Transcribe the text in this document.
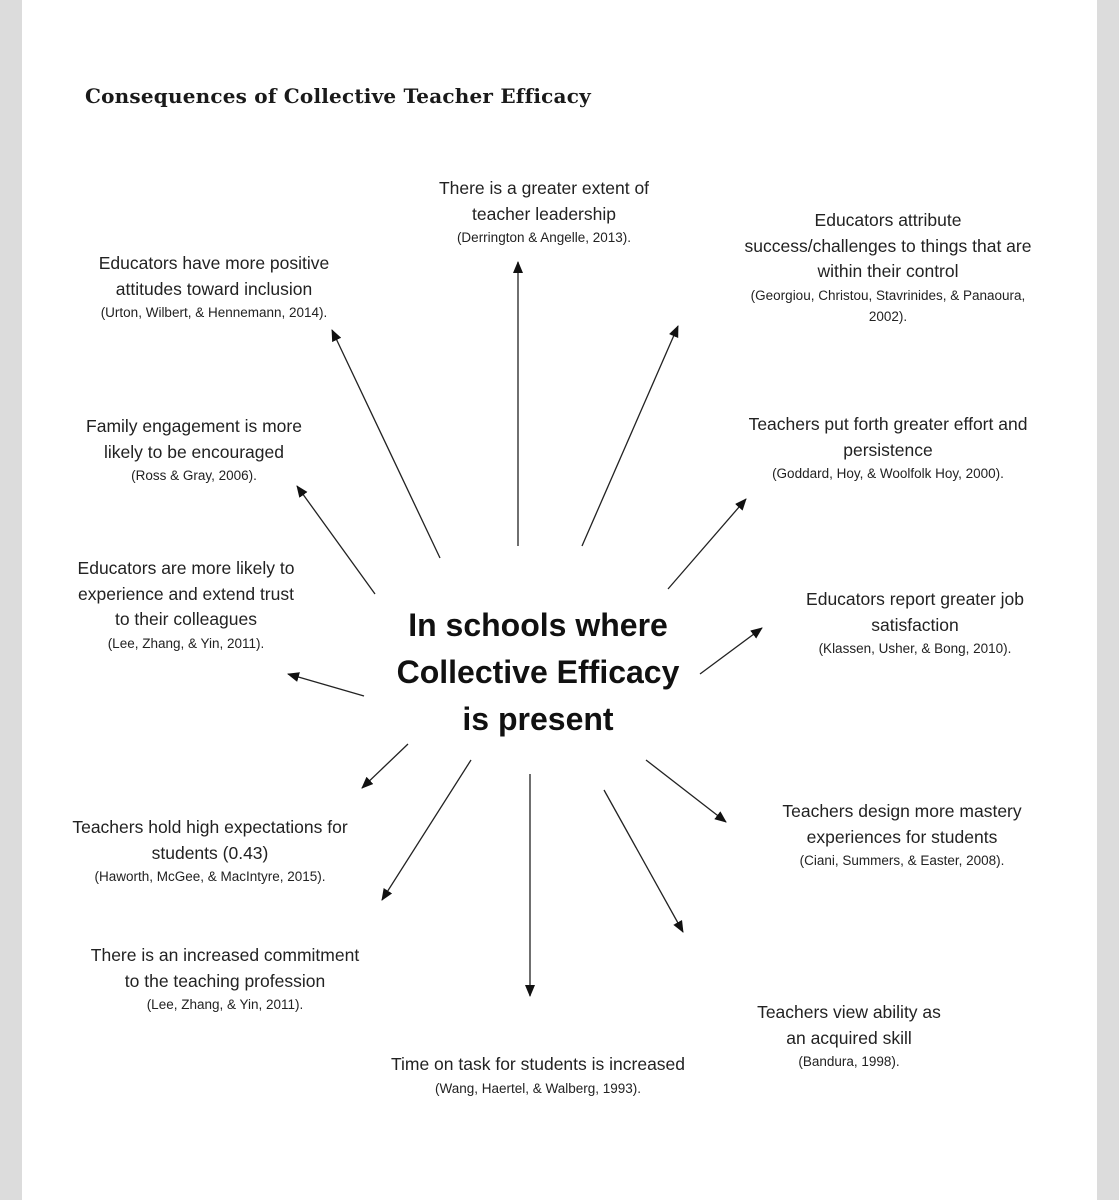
Consequences of Collective Teacher Efficacy
In schools where
Collective Efficacy
is present
There is a greater extent of
teacher leadership
(Derrington & Angelle, 2013).
Educators attribute
success/challenges to things that are
within their control
(Georgiou, Christou, Stavrinides, & Panaoura,
2002).
Educators have more positive
attitudes toward inclusion
(Urton, Wilbert, & Hennemann, 2014).
Family engagement is more
likely to be encouraged
(Ross & Gray, 2006).
Teachers put forth greater effort and
persistence
(Goddard, Hoy, & Woolfolk Hoy, 2000).
Educators are more likely to
experience and extend trust
to their colleagues
(Lee, Zhang, & Yin, 2011).
Educators report greater job
satisfaction
(Klassen, Usher, & Bong, 2010).
Teachers hold high expectations for
students (0.43)
(Haworth, McGee, & MacIntyre, 2015).
Teachers design more mastery
experiences for students
(Ciani, Summers, & Easter, 2008).
There is an increased commitment
to the teaching profession
(Lee, Zhang, & Yin, 2011).	Teachers view ability as
an acquired skill
(Bandura, 1998).
Time on task for students is increased
(Wang, Haertel, & Walberg, 1993).
